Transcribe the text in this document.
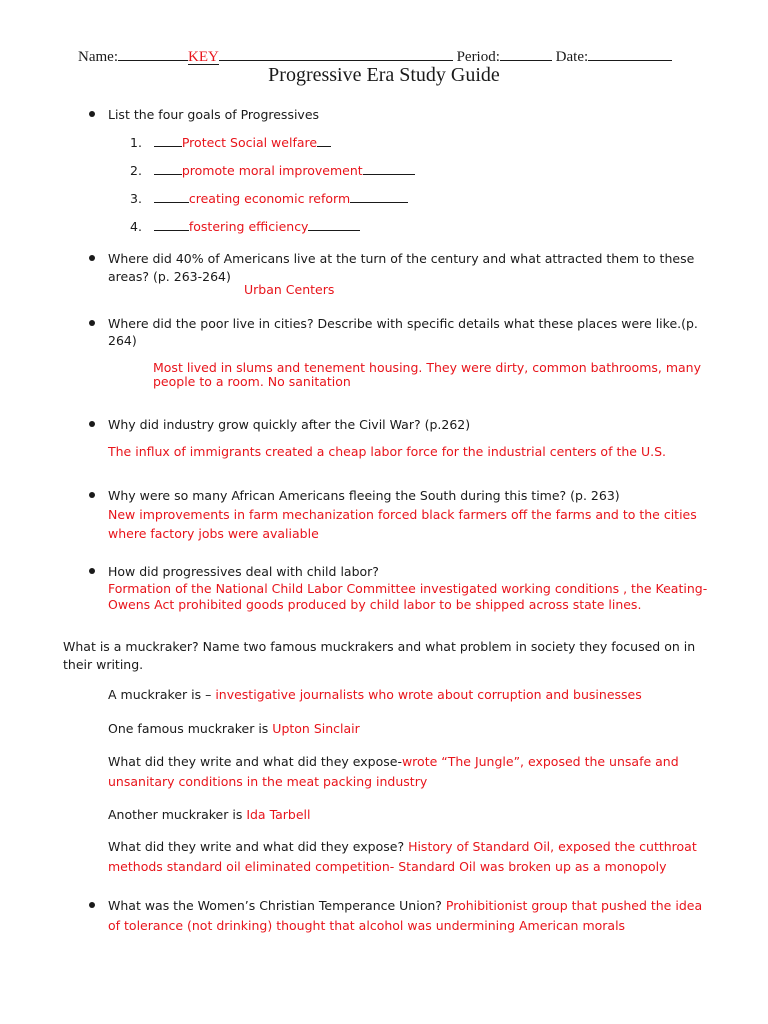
Name:	KEY	Period:	Date:
Progressive Era Study Guide
List the four goals of Progressives
1.	Protect Social welfare
2.	promote moral improvement
3.	creating economic reform
4.	fostering efficiency
Where did 40% of Americans live at the turn of the century and what attracted them to these
areas? (p. 263-264)
Urban Centers
Where did the poor live in cities? Describe with specific details what these places were like.(p.
264)
Most lived in slums and tenement housing. They were dirty, common bathrooms, many
people to a room. No sanitation
Why did industry grow quickly after the Civil War? (p.262)
The influx of immigrants created a cheap labor force for the industrial centers of the U.S.
Why were so many African Americans fleeing the South during this time? (p. 263)
New improvements in farm mechanization forced black farmers off the farms and to the cities
where factory jobs were avaliable
How did progressives deal with child labor?
Formation of the National Child Labor Committee investigated working conditions , the Keating-
Owens Act prohibited goods produced by child labor to be shipped across state lines.
What is a muckraker? Name two famous muckrakers and what problem in society they focused on in
their writing.
A muckraker is – investigative journalists who wrote about corruption and businesses
One famous muckraker is Upton Sinclair
What did they write and what did they expose-wrote “The Jungle”, exposed the unsafe and
unsanitary conditions in the meat packing industry
Another muckraker is Ida Tarbell
What did they write and what did they expose? History of Standard Oil, exposed the cutthroat
methods standard oil eliminated competition- Standard Oil was broken up as a monopoly
What was the Women’s Christian Temperance Union? Prohibitionist group that pushed the idea
of tolerance (not drinking) thought that alcohol was undermining American morals
